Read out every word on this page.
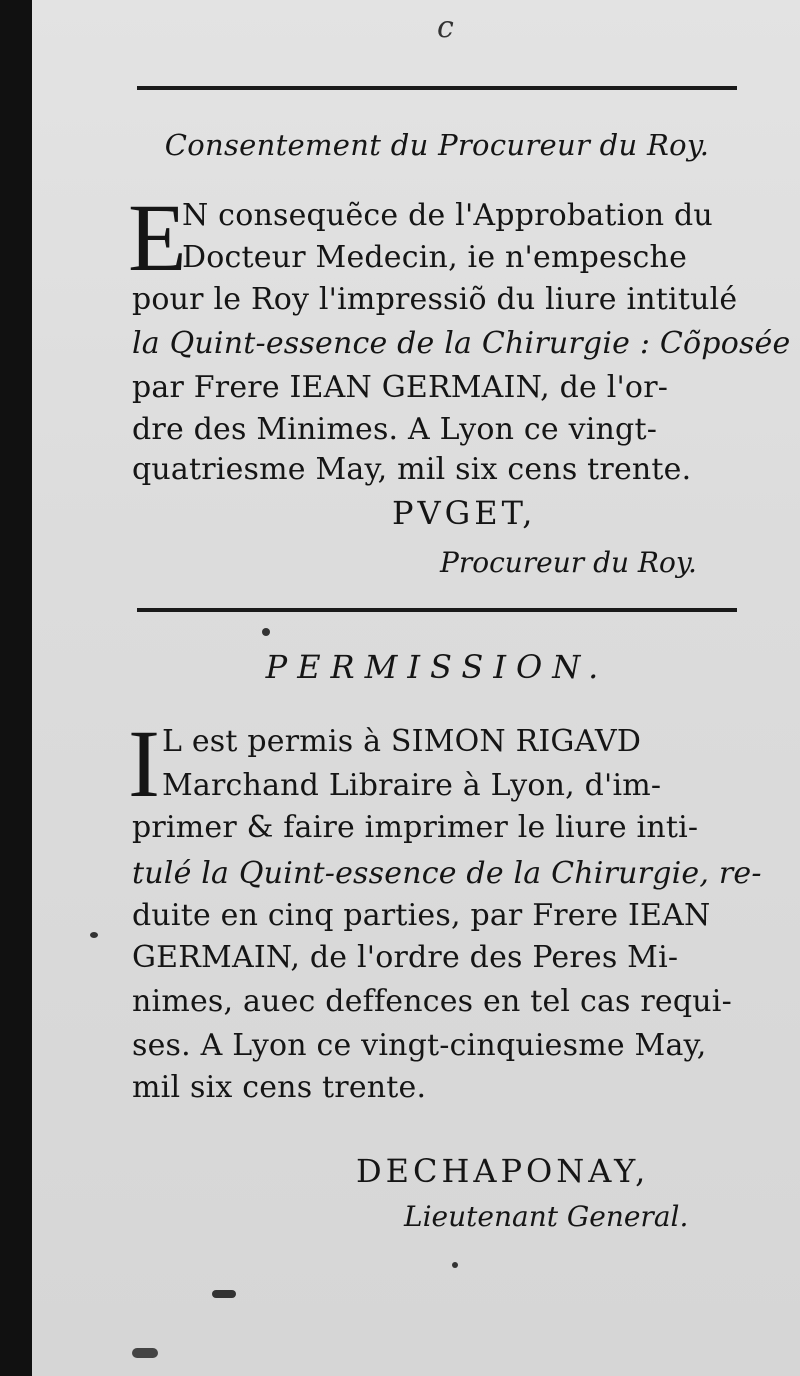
c
Consentement du Procureur du Roy.
E
N consequẽce de l'Approbation du
Docteur Medecin, ie n'empesche
pour le Roy l'impressiõ du liure intitulé
la Quint-essence de la Chirurgie : Cõposée
par Frere IEAN GERMAIN, de l'or-
dre des Minimes. A Lyon ce vingt-
quatriesme May, mil six cens trente.
PVGET,
Procureur du Roy.
PERMISSION.
I L est permis à SIMON RIGAVD
Marchand Libraire à Lyon, d'im-
primer & faire imprimer le liure inti-
tulé la Quint-essence de la Chirurgie, re-
duite en cinq parties, par Frere IEAN
GERMAIN, de l'ordre des Peres Mi-
nimes, auec deffences en tel cas requi-
ses. A Lyon ce vingt-cinquiesme May,
mil six cens trente.
DECHAPONAY,
Lieutenant General.
